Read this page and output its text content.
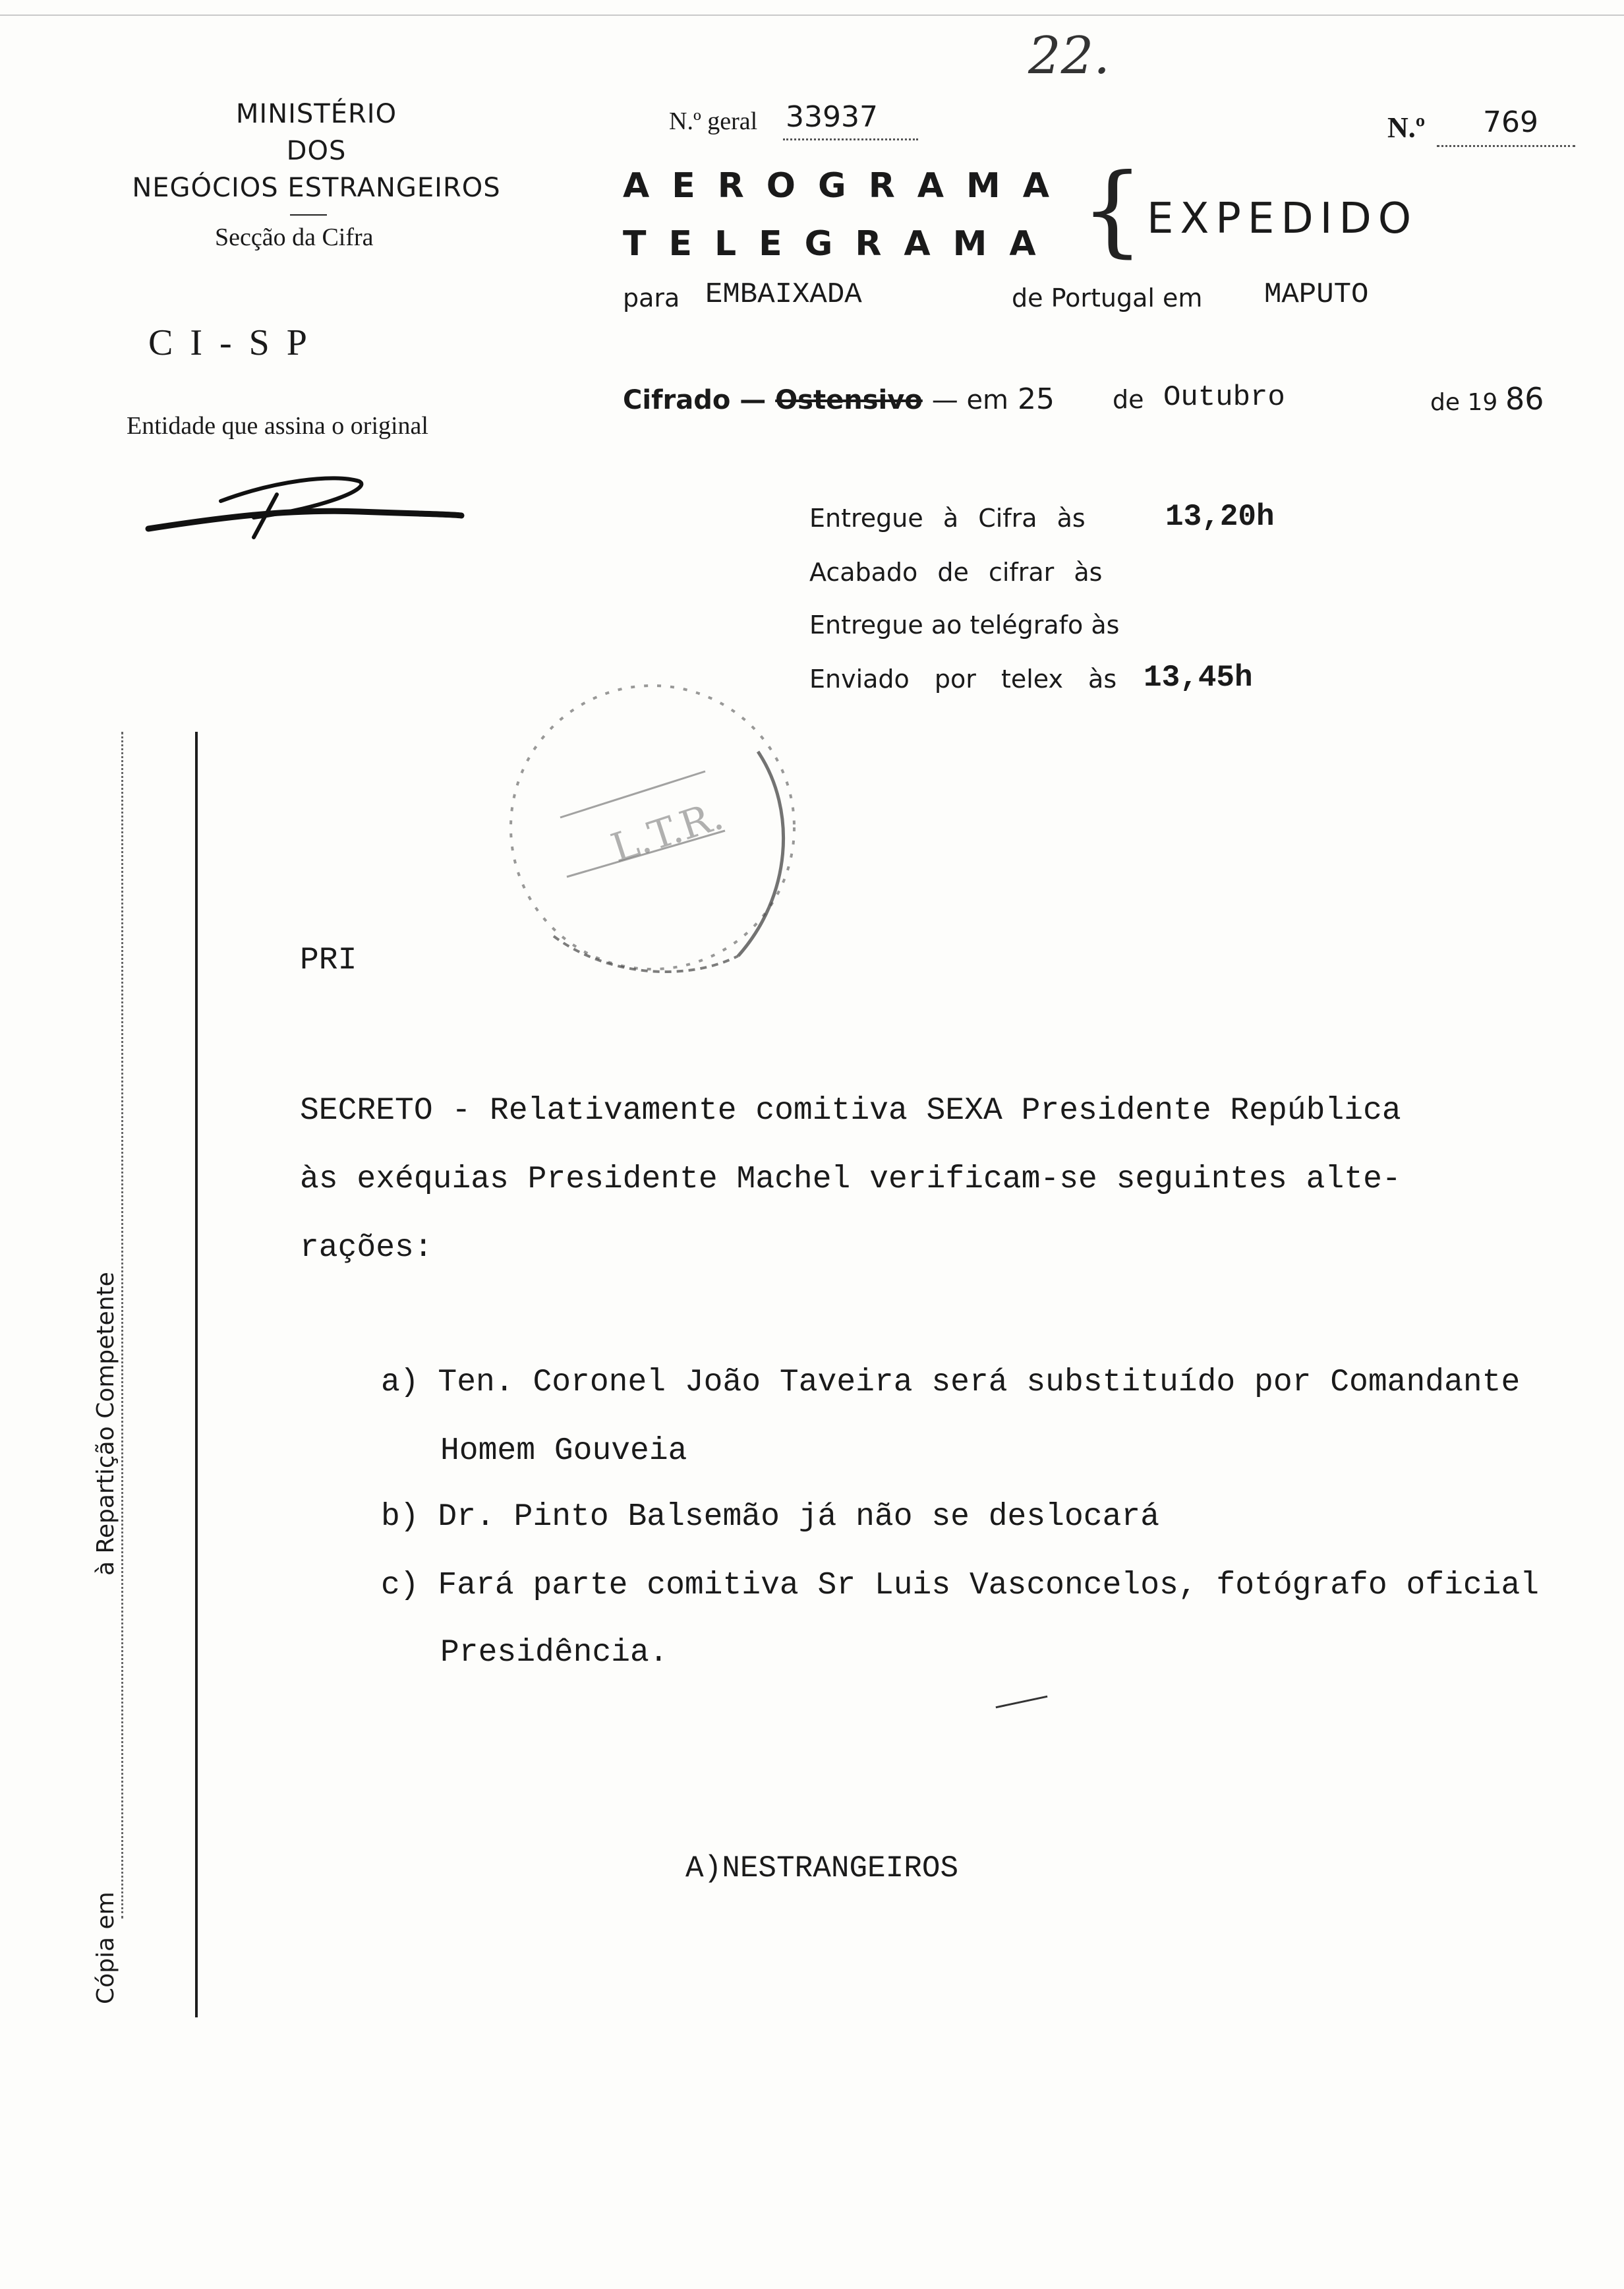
22.
MINISTÉRIO
DOS
NEGÓCIOS ESTRANGEIROS
Secção da Cifra
C I - S P
Entidade que assina o original
N.º geral 33937	N.º	769
AEROGRAMA
TELEGRAMA { EXPEDIDO
para EMBAIXADA	de Portugal em MAPUTO
Cifrado — Ostensivo — em 25 de Outubro	de 19 86
Entregue à Cifra às	13,20h
Acabado de cifrar às
Entregue ao telégrafo às
Enviado por telex às 13,45h
L.T.R.
à Repartição Competente
Cópia em
PRI
SECRETO - Relativamente comitiva SEXA Presidente República
às exéquias Presidente Machel verificam-se seguintes alte-
rações:
a) Ten. Coronel João Taveira será substituído por Comandante
Homem Gouveia
b) Dr. Pinto Balsemão já não se deslocará
c) Fará parte comitiva Sr Luis Vasconcelos, fotógrafo oficial
Presidência.
A)NESTRANGEIROS
